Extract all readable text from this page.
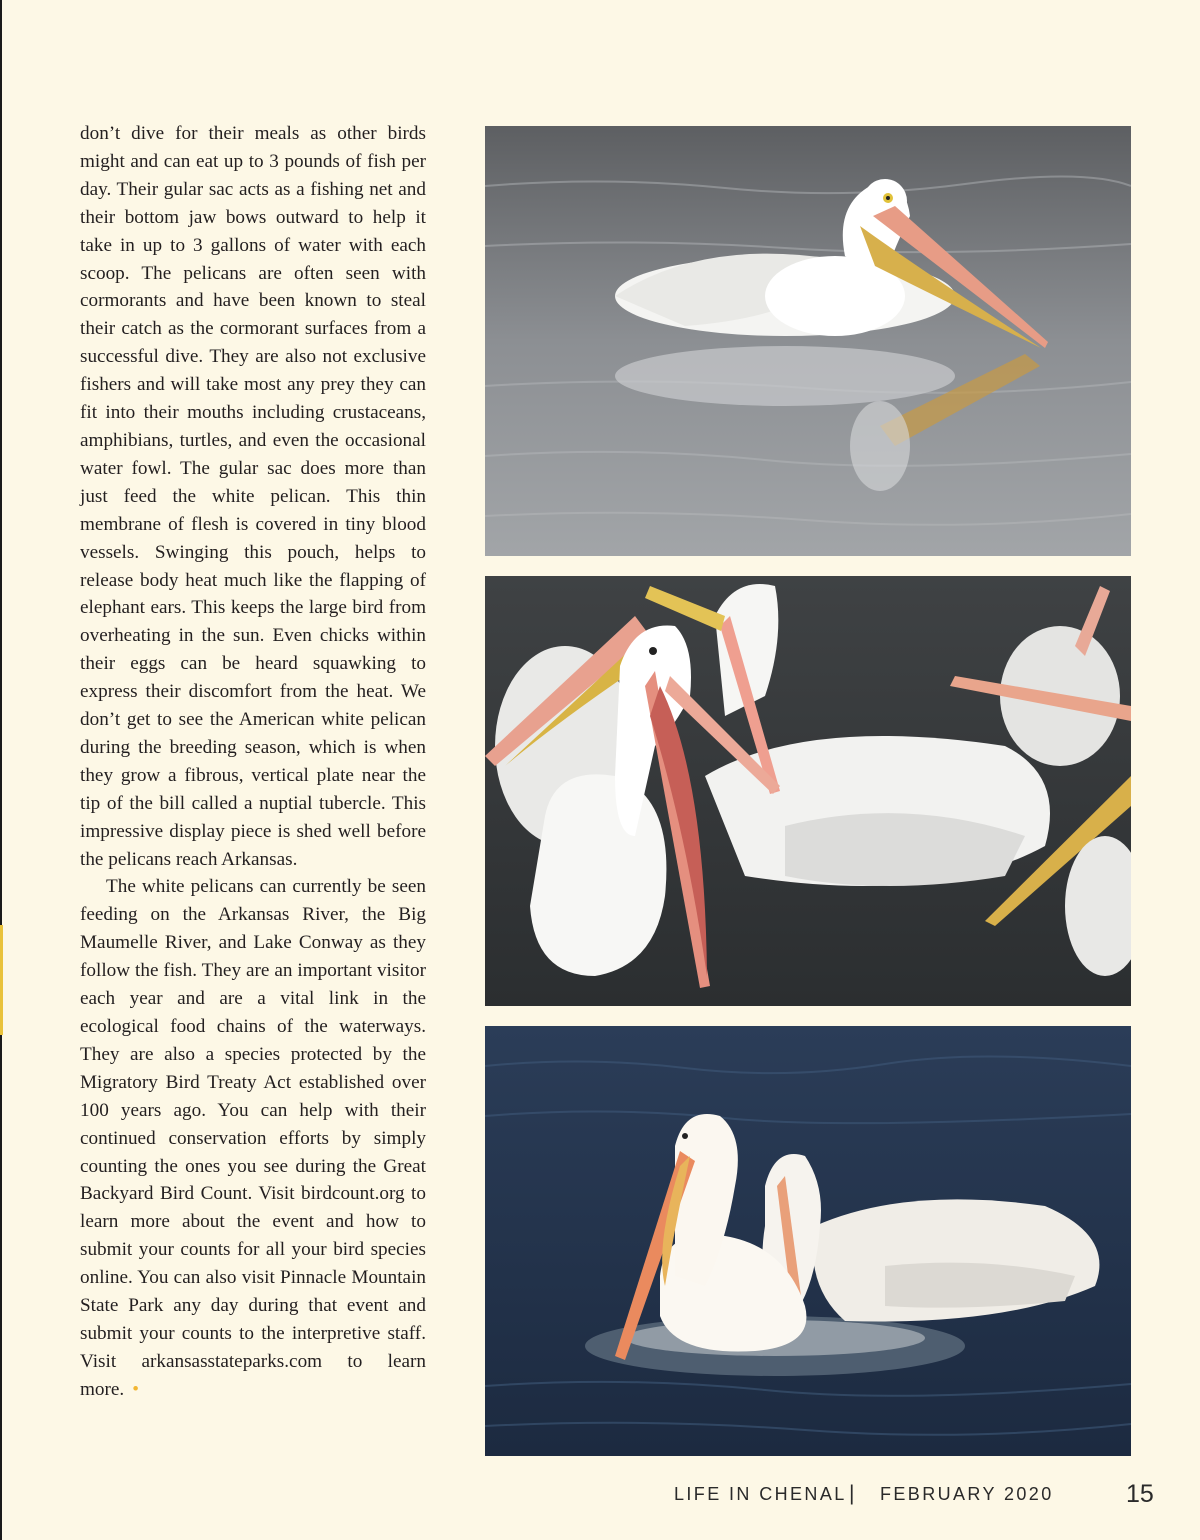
don’t dive for their meals as other birds might and can eat up to 3 pounds of fish per day. Their gular sac acts as a fishing net and their bottom jaw bows outward to help it take in up to 3 gallons of water with each scoop. The pelicans are often seen with cormorants and have been known to steal their catch as the cormorant surfaces from a successful dive. They are also not exclusive fishers and will take most any prey they can fit into their mouths including crustaceans, amphibians, turtles, and even the occasional water fowl. The gular sac does more than just feed the white pelican. This thin membrane of flesh is covered in tiny blood vessels. Swinging this pouch, helps to release body heat much like the flapping of elephant ears. This keeps the large bird from overheating in the sun. Even chicks within their eggs can be heard squawking to express their discomfort from the heat. We don’t get to see the American white pelican during the breeding season, which is when they grow a fibrous, vertical plate near the tip of the bill called a nuptial tubercle. This impressive display piece is shed well before the pelicans reach Arkansas.

The white pelicans can currently be seen feeding on the Arkansas River, the Big Maumelle River, and Lake Conway as they follow the fish. They are an important visitor each year and are a vital link in the ecological food chains of the waterways. They are also a species protected by the Migratory Bird Treaty Act established over 100 years ago. You can help with their continued conservation efforts by simply counting the ones you see during the Great Backyard Bird Count. Visit birdcount.org to learn more about the event and how to submit your counts for all your bird species online. You can also visit Pinnacle Mountain State Park any day during that event and submit your counts to the interpretive staff. Visit arkansasstateparks.com to learn more. •

LIFE IN CHENAL | FEBRUARY 2020	15
